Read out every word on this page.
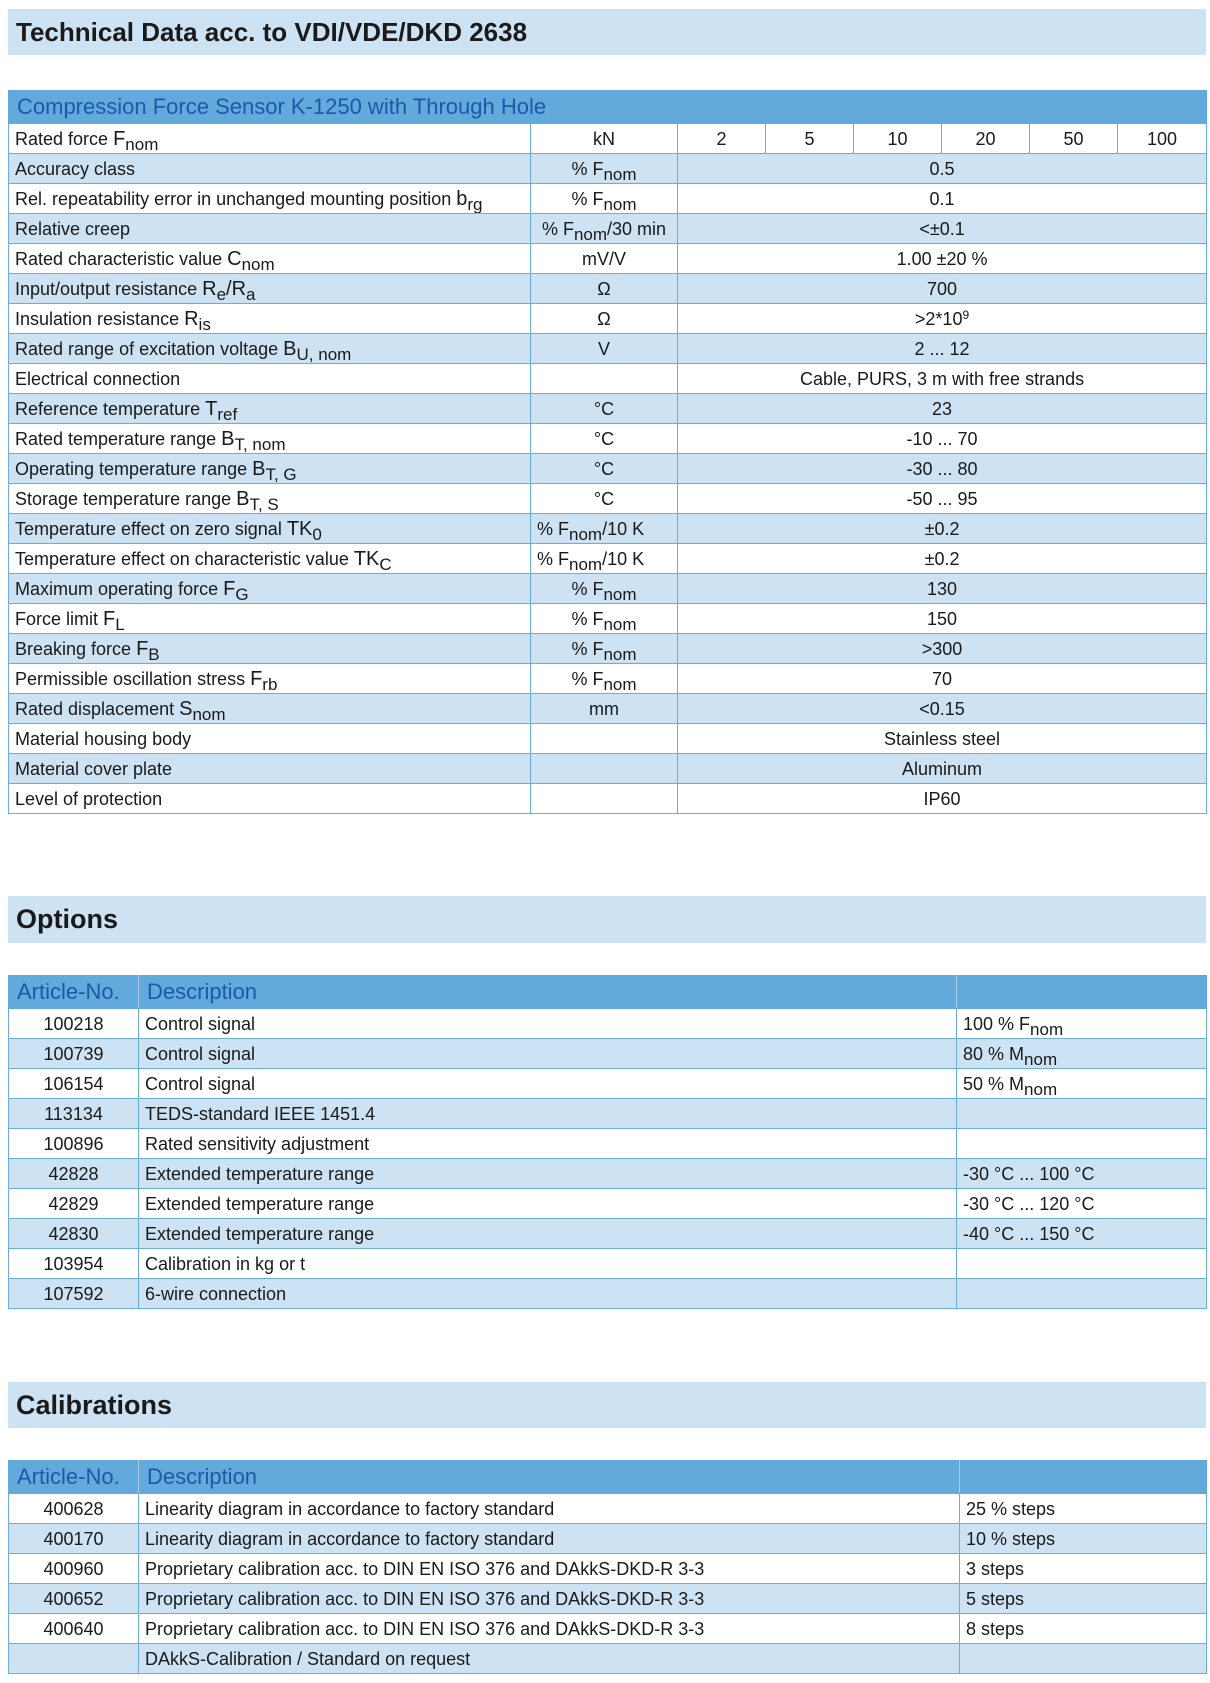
Technical Data acc. to VDI/VDE/DKD 2638
Compression Force Sensor K-1250 with Through Hole							
Rated force $F_{nom}$	kN	2	5	10	20	50	100
Accuracy class	% $F_{nom}$	0.5					
Rel. repeatability error in unchanged mounting position $b_{rg}$	% $F_{nom}$	0.1					
Relative creep	% $F_{nom}/30$ min	<±0.1					
Rated characteristic value $C_{nom}$	mV/V	1.00 ±20 %					
Input/output resistance $R_e/R_a$	Ω	700					
Insulation resistance $R_{is}$	Ω	$>2*10^9$
Rated range of excitation voltage $B_{U, nom}$	V	2 ... 12					
Electrical connection		Cable, PURS, 3 m with free strands					
Reference temperature $T_{ref}$	°C	23					
Rated temperature range $B_{T, nom}$	°C	-10 ... 70					
Operating temperature range $B_{T, G}$	°C	-30 ... 80					
Storage temperature range $B_{T, S}$	°C	-50 ... 95					
Temperature effect on zero signal $TK_0$	% $F_{nom}/10$ K	±0.2					
Temperature effect on characteristic value $TK_C$	% $F_{nom}/10$ K	±0.2					
Maximum operating force $F_G$	% $F_{nom}$	130					
Force limit $F_L$	% $F_{nom}$	150					
Breaking force $F_B$	% $F_{nom}$	>300					
Permissible oscillation stress $F_{rb}$	% $F_{nom}$	70					
Rated displacement $S_{nom}$	mm	<0.15					
Material housing body		Stainless steel					
Material cover plate		Aluminum					
Level of protection		IP60					
Options
Article-No.	Description	
100218	Control signal	100 % $F_{nom}$
100739	Control signal	80 % $M_{nom}$
106154	Control signal	50 % $M_{nom}$
113134	TEDS-standard IEEE 1451.4	
100896	Rated sensitivity adjustment	
42828	Extended temperature range	-30 °C ... 100 °C
42829	Extended temperature range	-30 °C ... 120 °C
42830	Extended temperature range	-40 °C ... 150 °C
103954	Calibration in kg or t	
107592	6-wire connection	
Calibrations
Article-No.	Description	
400628	Linearity diagram in accordance to factory standard	25 % steps
400170	Linearity diagram in accordance to factory standard	10 % steps
400960	Proprietary calibration acc. to DIN EN ISO 376 and DAkkS-DKD-R 3-3	3 steps
400652	Proprietary calibration acc. to DIN EN ISO 376 and DAkkS-DKD-R 3-3	5 steps
400640	Proprietary calibration acc. to DIN EN ISO 376 and DAkkS-DKD-R 3-3	8 steps
	DAkkS-Calibration / Standard on request	
